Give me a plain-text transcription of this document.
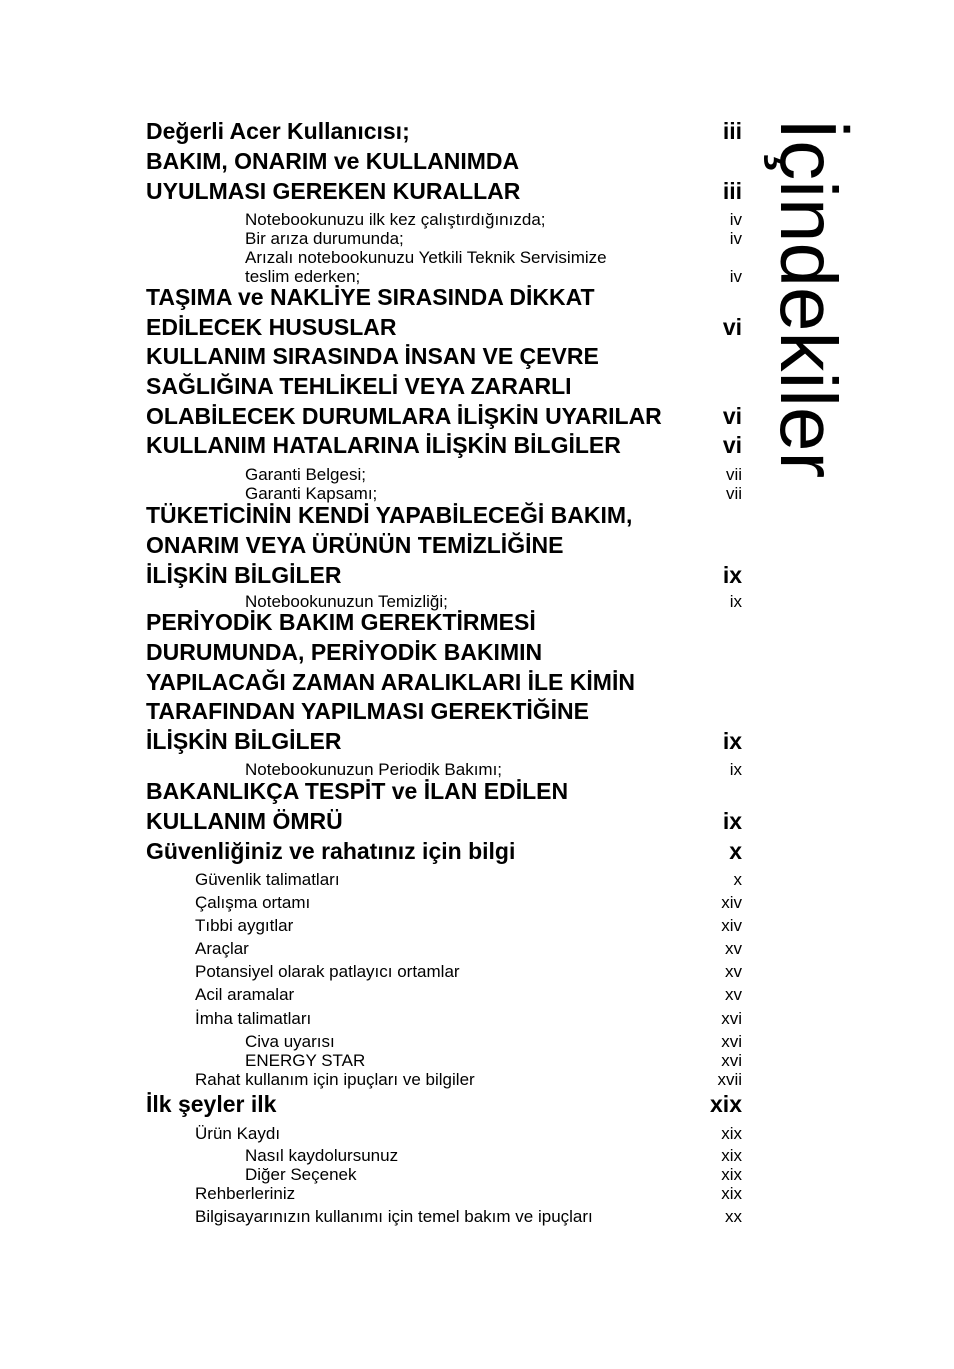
Değerli Acer Kullanıcısı;	iii
BAKIM, ONARIM ve KULLANIMDA
UYULMASI GEREKEN KURALLAR	iii
Notebookunuzu ilk kez çalıştırdığınızda;	iv
Bir arıza durumunda;	iv
Arızalı notebookunuzu Yetkili Teknik Servisimize
teslim ederken;	iv
TAŞIMA ve NAKLİYE SIRASINDA DİKKAT
EDİLECEK HUSUSLAR	vi
KULLANIM SIRASINDA İNSAN VE ÇEVRE
SAĞLIĞINA TEHLİKELİ VEYA ZARARLI
OLABİLECEK DURUMLARA İLİŞKİN UYARILAR	vi
KULLANIM HATALARINA İLİŞKİN BİLGİLER	vi
Garanti Belgesi;	vii
Garanti Kapsamı;	vii
TÜKETİCİNİN KENDİ YAPABİLECEĞİ BAKIM,
ONARIM VEYA ÜRÜNÜN TEMİZLİĞİNE
İLİŞKİN BİLGİLER	ix
Notebookunuzun Temizliği;	ix
PERİYODİK BAKIM GEREKTİRMESİ
DURUMUNDA, PERİYODİK BAKIMIN
YAPILACAĞI ZAMAN ARALIKLARI İLE KİMİN
TARAFINDAN YAPILMASI GEREKTİĞİNE
İLİŞKİN BİLGİLER	ix
Notebookunuzun Periodik Bakımı;	ix
BAKANLIKÇA TESPİT ve İLAN EDİLEN
KULLANIM ÖMRÜ	ix
Güvenliğiniz ve rahatınız için bilgi	x
Güvenlik talimatları	x
Çalışma ortamı	xiv
Tıbbi aygıtlar	xiv
Araçlar	xv
Potansiyel olarak patlayıcı ortamlar	xv
Acil aramalar	xv
İmha talimatları	xvi
Civa uyarısı	xvi
ENERGY STAR	xvi
Rahat kullanım için ipuçları ve bilgiler	xvii
İlk şeyler ilk	xix
Ürün Kaydı	xix
Nasıl kaydolursunuz	xix
Diğer Seçenek	xix
Rehberleriniz	xix
Bilgisayarınızın kullanımı için temel bakım ve ipuçları	xx
İçindekiler
